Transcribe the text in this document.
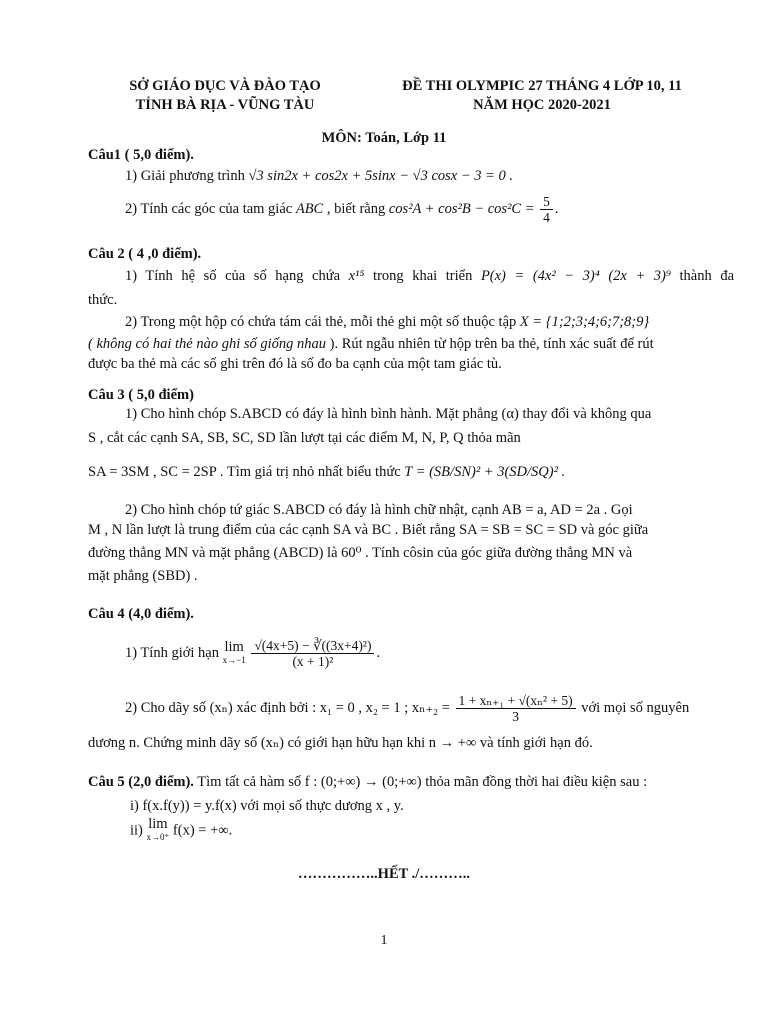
SỞ GIÁO DỤC VÀ ĐÀO TẠO
TỈNH BÀ RỊA - VŨNG TÀU
ĐỀ THI OLYMPIC 27 THÁNG 4 LỚP 10, 11
NĂM HỌC 2020-2021
MÔN: Toán, Lớp 11
Câu1 ( 5,0 điểm).
1) Giải phương trình √3 sin2x + cos2x + 5sinx − √3 cosx − 3 = 0 .
2) Tính các góc của tam giác ABC , biết rằng $\cos^2A + \cos^2B - \cos^2C = \frac{5}{4}$ .
Câu 2 ( 4 ,0 điểm).
1) Tính hệ số của số hạng chứa x¹⁵ trong khai triển P(x) = (4x² − 3)⁴ (2x + 3)⁹ thành đa
thức.
2) Trong một hộp có chứa tám cái thẻ, mỗi thẻ ghi một số thuộc tập X = {1;2;3;4;6;7;8;9}
( không có hai thẻ nào ghi số giống nhau ). Rút ngẫu nhiên từ hộp trên ba thẻ, tính xác suất để rút
được ba thẻ mà các số ghi trên đó là số đo ba cạnh của một tam giác tù.
Câu 3 ( 5,0 điểm)
1) Cho hình chóp S.ABCD có đáy là hình bình hành. Mặt phẳng (α) thay đổi và không qua
S , cắt các cạnh SA, SB, SC, SD lần lượt tại các điểm M, N, P, Q thỏa mãn
SA = 3SM , SC = 2SP . Tìm giá trị nhỏ nhất biểu thức T = (SB/SN)² + 3(SD/SQ)² .
2) Cho hình chóp tứ giác S.ABCD có đáy là hình chữ nhật, cạnh AB = a, AD = 2a . Gọi
M , N lần lượt là trung điểm của các cạnh SA và BC . Biết rằng SA = SB = SC = SD và góc giữa
đường thẳng MN và mặt phẳng (ABCD) là 60⁰ . Tính côsin của góc giữa đường thẳng MN và
mặt phẳng (SBD) .
Câu 4 (4,0 điểm).
1) Tính giới hạn lim
x→−1
$\frac{\text{√(4x+5) − ∛((3x+4)²)}}{\text{(x + 1)²}}$ .
2) Cho dãy số (xₙ) xác định bởi : x₁ = 0 , x₂ = 1 ; $x_{n+2} = \frac{\text{1 + xₙ₊₁ + √(xₙ² + 5)}}{3}$ với mọi số nguyên
dương n. Chứng minh dãy số (xₙ) có giới hạn hữu hạn khi n → +∞ và tính giới hạn đó.
Câu 5 (2,0 điểm). Tìm tất cả hàm số f : (0;+∞) → (0;+∞) thỏa mãn đồng thời hai điều kiện sau :
i) f(x.f(y)) = y.f(x) với mọi số thực dương x , y.
ii) lim
x→0⁺ f(x) = +∞.
……………..HẾT ./………..
1
